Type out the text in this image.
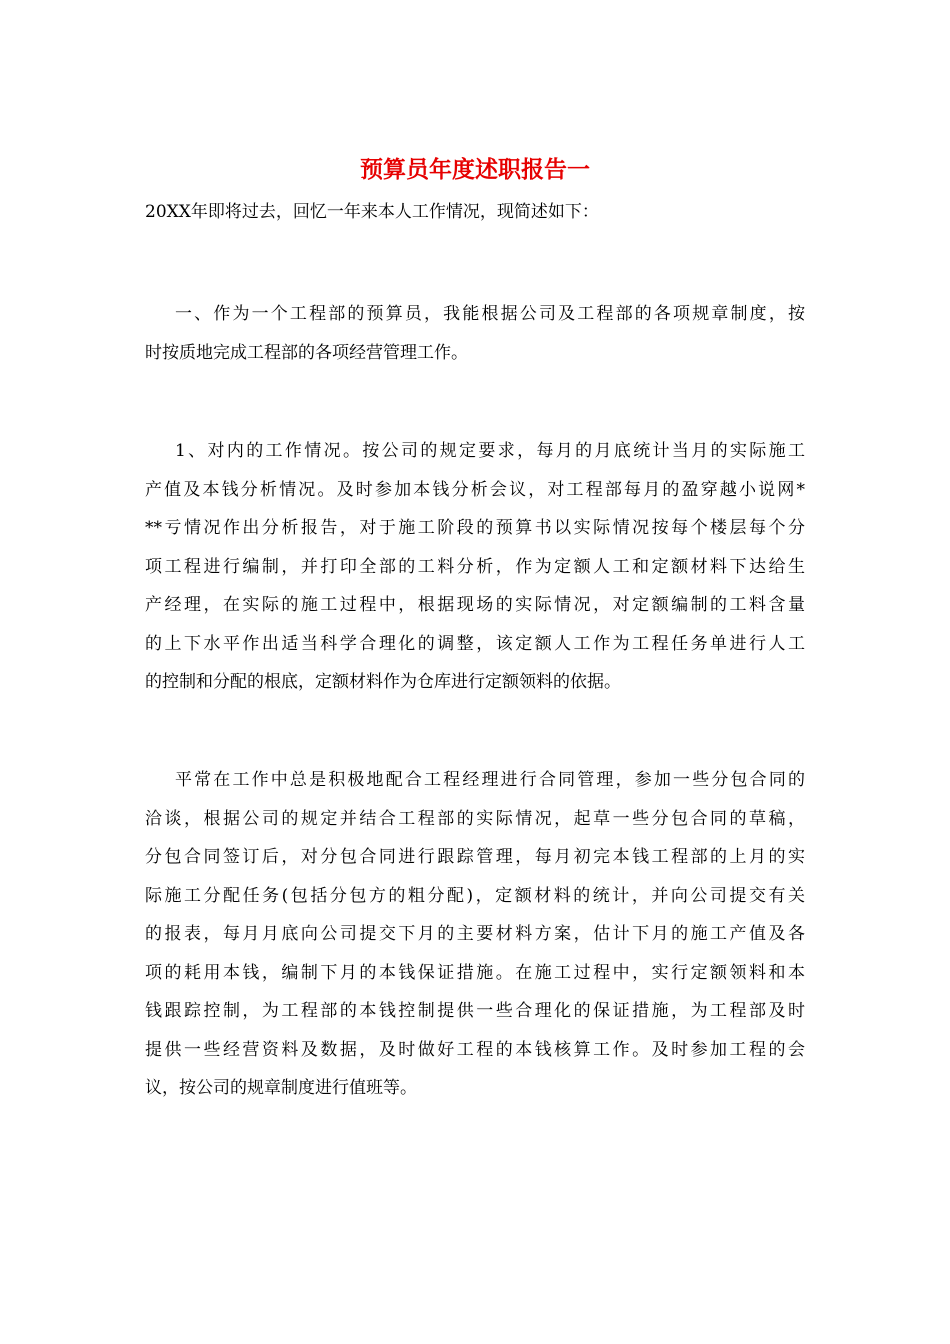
预算员年度述职报告一

20XX年即将过去，回忆一年来本人工作情况，现简述如下：

一、作为一个工程部的预算员，我能根据公司及工程部的各项规章制度，按
时按质地完成工程部的各项经营管理工作。

1、对内的工作情况。按公司的规定要求，每月的月底统计当月的实际施工
产值及本钱分析情况。及时参加本钱分析会议，对工程部每月的盈穿越小说网*
**亏情况作出分析报告，对于施工阶段的预算书以实际情况按每个楼层每个分
项工程进行编制，并打印全部的工料分析，作为定额人工和定额材料下达给生
产经理，在实际的施工过程中，根据现场的实际情况，对定额编制的工料含量
的上下水平作出适当科学合理化的调整，该定额人工作为工程任务单进行人工
的控制和分配的根底，定额材料作为仓库进行定额领料的依据。

平常在工作中总是积极地配合工程经理进行合同管理，参加一些分包合同的
洽谈，根据公司的规定并结合工程部的实际情况，起草一些分包合同的草稿，
分包合同签订后，对分包合同进行跟踪管理，每月初完本钱工程部的上月的实
际施工分配任务(包括分包方的粗分配)，定额材料的统计，并向公司提交有关
的报表，每月月底向公司提交下月的主要材料方案，估计下月的施工产值及各
项的耗用本钱，编制下月的本钱保证措施。在施工过程中，实行定额领料和本
钱跟踪控制，为工程部的本钱控制提供一些合理化的保证措施，为工程部及时
提供一些经营资料及数据，及时做好工程的本钱核算工作。及时参加工程的会
议，按公司的规章制度进行值班等。
